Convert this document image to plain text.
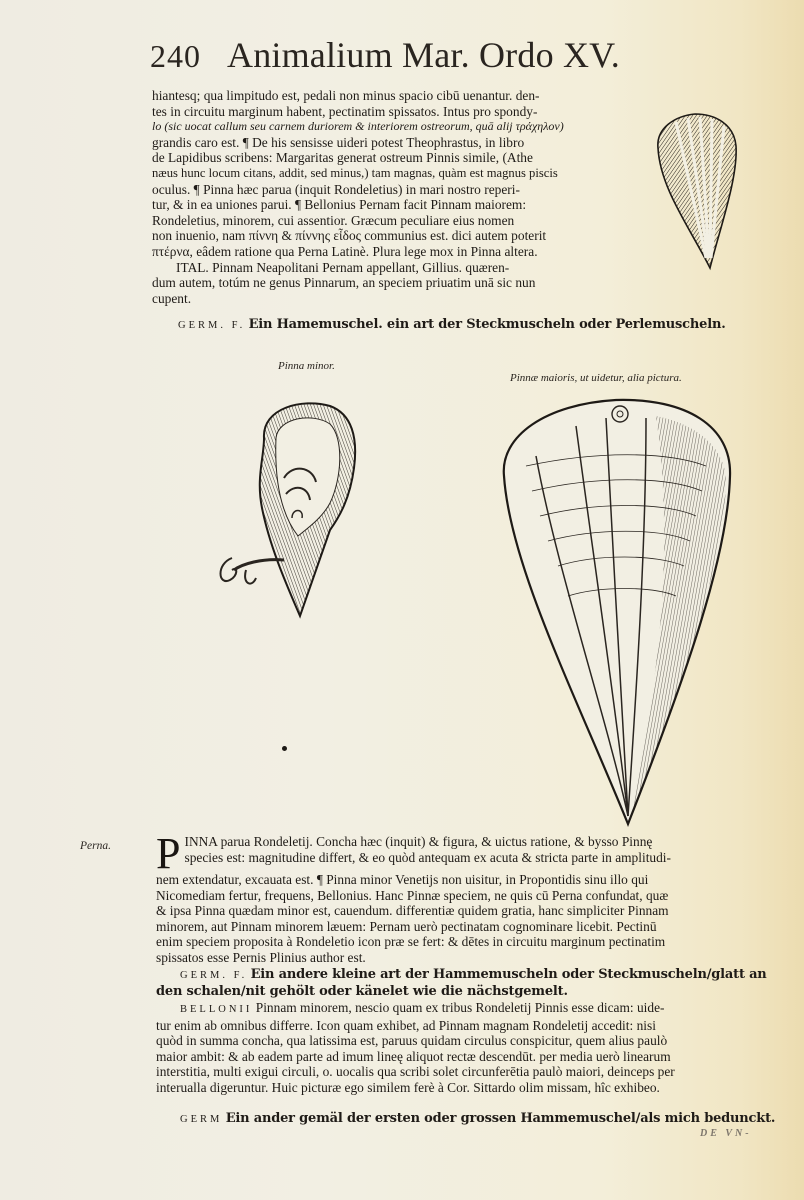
240 Animalium Mar. Ordo XV.
hiantesq; qua limpitudo est, pedali non minus spacio cibū uenantur. den-
tes in circuitu marginum habent, pectinatim spissatos. Intus pro spondy-
lo (sic uocat callum seu carnem duriorem & interiorem ostreorum, quā alij τράχηλον)
grandis caro est. ¶ De his sensisse uideri potest Theophrastus, in libro
de Lapidibus scribens: Margaritas generat ostreum Pinnis simile, (Athe
næus hunc locum citans, addit, sed minus,) tam magnas, quàm est magnus piscis
oculus. ¶ Pinna hæc parua (inquit Rondeletius) in mari nostro reperi-
tur, & in ea uniones parui. ¶ Bellonius Pernam facit Pinnam maiorem:
Rondeletius, minorem, cui assentior. Græcum peculiare eius nomen
non inuenio, nam πίννη & πίννης εἶδος communius est. dici autem poterit
πτέρνα, eâdem ratione qua Perna Latinè. Plura lege mox in Pinna altera.
ITAL. Pinnam Neapolitani Pernam appellant, Gillius. quæren-
dum autem, totúm ne genus Pinnarum, an speciem priuatim unā sic nun
cupent.
GERM. F. Ein Hamemuschel. ein art der Steckmuscheln oder Perlemuscheln.
Pinna minor.
Pinnæ maioris, ut uidetur, alia pictura.
Perna. P INNA parua Rondeletij. Concha hæc (inquit) & figura, & uictus ratione, & bysso Pinnę
species est: magnitudine differt, & eo quòd antequam ex acuta & stricta parte in amplitudi-
nem extendatur, excauata est. ¶ Pinna minor Venetijs non uisitur, in Propontidis sinu illo qui
Nicomediam fertur, frequens, Bellonius. Hanc Pinnæ speciem, ne quis cū Perna confundat, quæ
& ipsa Pinna quædam minor est, cauendum. differentiæ quidem gratia, hanc simpliciter Pinnam
minorem, aut Pinnam minorem læuem: Pernam uerò pectinatam cognominare licebit. Pectinū
enim speciem proposita à Rondeletio icon præ se fert: & dētes in circuitu marginum pectinatim
spissatos esse Pernis Plinius author est.
GERM. F. Ein andere kleine art der Hammemuscheln oder Steckmuscheln/glatt an
den schalen/nit gehölt oder känelet wie die nächstgemelt.
BELLONII Pinnam minorem, nescio quam ex tribus Rondeletij Pinnis esse dicam: uide-
tur enim ab omnibus differre. Icon quam exhibet, ad Pinnam magnam Rondeletij accedit: nisi
quòd in summa concha, qua latissima est, paruus quidam circulus conspicitur, quem alius paulò
maior ambit: & ab eadem parte ad imum lineę aliquot rectæ descendūt. per media uerò linearum
interstitia, multi exigui circuli, o. uocalis qua scribi solet circunferētia paulò maiori, deinceps per
interualla digeruntur. Huic picturæ ego similem ferè à Cor. Sittardo olim missam, hîc exhibeo.
GERM Ein ander gemäl der ersten oder grossen Hammemuschel/als mich bedunckt.
DE VN-
